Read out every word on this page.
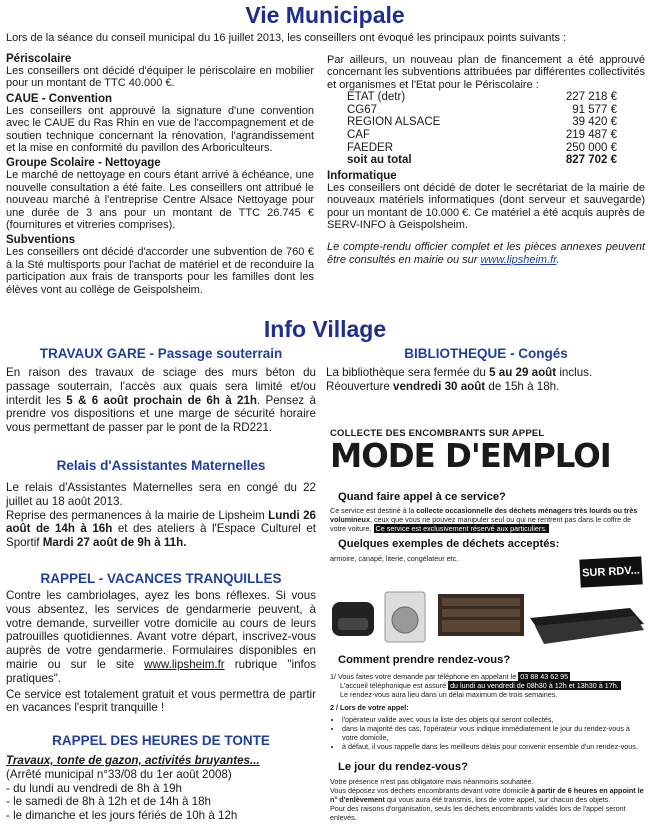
Vie Municipale
Lors de la séance du conseil municipal du 16 juillet 2013, les conseillers ont évoqué les principaux points suivants :
Périscolaire
Les conseillers ont décidé d'équiper le périscolaire en mobilier pour un montant de TTC 40.000 €.
CAUE - Convention
Les conseillers ont approuvé la signature d'une convention avec le CAUE du Ras Rhin en vue de l'accompagnement et de soutien technique concernant la rénovation, l'agrandissement et la mise en conformité du pavillon des Arboriculteurs.
Groupe Scolaire - Nettoyage
Le marché de nettoyage en cours étant arrivé à échéance, une nouvelle consultation a été faite. Les conseillers ont attribué le nouveau marché à l'entreprise Centre Alsace Nettoyage pour une durée de 3 ans pour un montant de TTC 26.745 € (fournitures et vitreries comprises).
Subventions
Les conseillers ont décidé d'accorder une subvention de 760 € à la Sté multisports pour l'achat de matériel et de reconduire la participation aux frais de transports pour les familles dont les élèves vont au collège de Geispolsheim.
Par ailleurs, un nouveau plan de financement a été approuvé concernant les subventions attribuées par différentes collectivités et organismes et l'Etat pour le Périscolaire :
ETAT (detr)	227 218 €
CG67	91 577 €
REGION ALSACE	39 420 €
CAF	219 487 €
FAEDER	250 000 €
soit au total	827 702 €
Informatique
Les conseillers ont décidé de doter le secrétariat de la mairie de nouveaux matériels informatiques (dont serveur et sauvegarde) pour un montant de 10.000 €. Ce matériel a été acquis auprès de SERV-INFO à Geispolsheim.
Le compte-rendu officier complet et les pièces annexes peuvent être consultés en mairie ou sur www.lipsheim.fr.
Info Village
TRAVAUX GARE - Passage souterrain
En raison des travaux de sciage des murs béton du passage souterrain, l'accès aux quais sera limité et/ou interdit les 5 & 6 août prochain de 6h à 21h. Pensez à prendre vos dispositions et une marge de sécurité horaire vous permettant de passer par le pont de la RD221.
Relais d'Assistantes Maternelles
Le relais d'Assistantes Maternelles sera en congé du 22 juillet au 18 août 2013.
Reprise des permanences à la mairie de Lipsheim Lundi 26 août de 14h à 16h et des ateliers à l'Espace Culturel et Sportif Mardi 27 août de 9h à 11h.
RAPPEL - VACANCES TRANQUILLES
Contre les cambriolages, ayez les bons réflexes. Si vous vous absentez, les services de gendarmerie peuvent, à votre demande, surveiller votre domicile au cours de leurs patrouilles quotidiennes. Avant votre départ, inscrivez-vous auprès de votre gendarmerie. Formulaires disponibles en mairie ou sur le site www.lipsheim.fr rubrique "infos pratiques".
Ce service est totalement gratuit et vous permettra de partir en vacances l'esprit tranquille !
RAPPEL DES HEURES DE TONTE
Travaux, tonte de gazon, activités bruyantes...
(Arrêté municipal n°33/08 du 1er août 2008)
- du lundi au vendredi de 8h à 19h
- le samedi de 8h à 12h et de 14h à 18h
- le dimanche et les jours fériés de 10h à 12h
BIBLIOTHEQUE - Congés
La bibliothèque sera fermée du 5 au 29 août inclus.
Réouverture vendredi 30 août de 15h à 18h.
COLLECTE DES ENCOMBRANTS SUR APPEL
MODE D'EMPLOI
Quand faire appel à ce service?
Ce service est destiné à la collecte occasionnelle des déchets ménagers très lourds ou très volumineux, ceux que vous ne pouvez manipuler seul ou qui ne rentrent pas dans le coffre de votre voiture. Ce service est exclusivement réservé aux particuliers.
Quelques exemples de déchets acceptés:
armoire, canapé, literie, congélateur etc.
SUR RDV...
Comment prendre rendez-vous?
1/ Vous faites votre demande par téléphone en appelant le 03 88 43 62 95
L'accueil téléphonique est assuré du lundi au vendredi de 08h30 à 12h et 13h30 à 17h.
Le rendez-vous aura lieu dans un délai maximum de trois semaines.
2 / Lors de votre appel:
• l'opérateur valide avec vous la liste des objets qui seront collectés,
• dans la majorité des cas, l'opérateur vous indique immédiatement le jour du rendez-vous à votre domicile,
• à défaut, il vous rappelle dans les meilleurs délais pour convenir ensemble d'un rendez-vous.
Le jour du rendez-vous?
Votre présence n'est pas obligatoire mais néanmoins souhaitée.
Vous déposez vos déchets encombrants devant votre domicile à partir de 6 heures en appoint le n° d'enlèvement qui vous aura été transmis, lors de votre appel, sur chacun des objets.
Pour des raisons d'organisation, seuls les déchets encombrants validés lors de l'appel seront enlevés.
